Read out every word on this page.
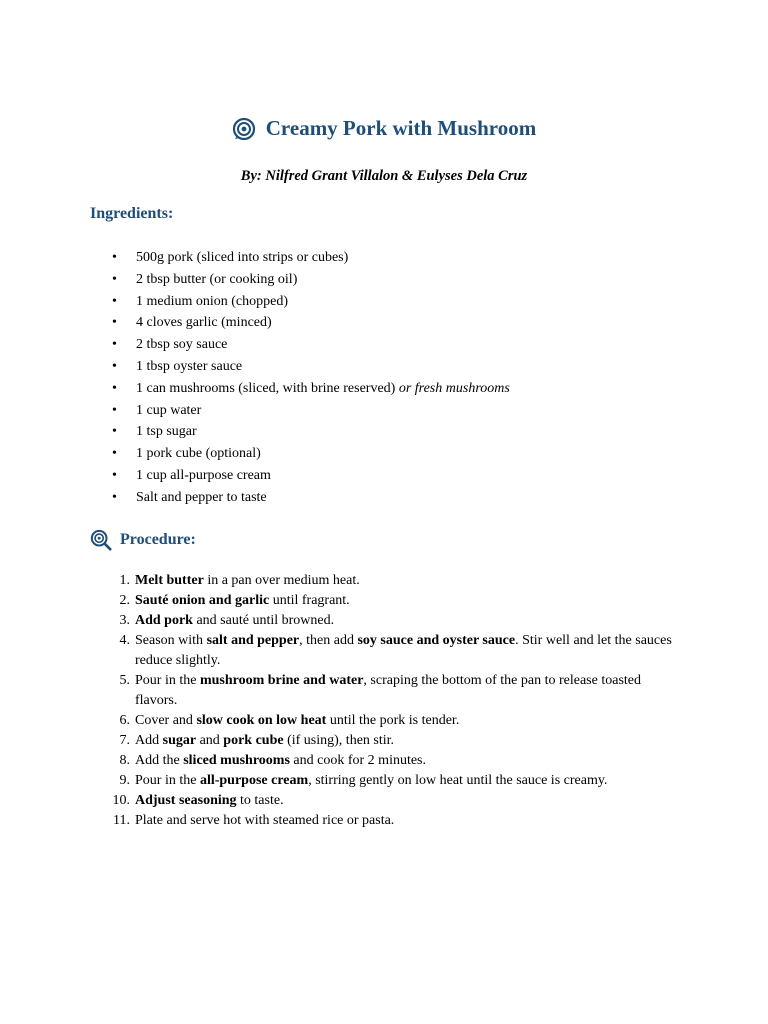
Creamy Pork with Mushroom
By: Nilfred Grant Villalon & Eulyses Dela Cruz
Ingredients:
• 500g pork (sliced into strips or cubes)
• 2 tbsp butter (or cooking oil)
• 1 medium onion (chopped)
• 4 cloves garlic (minced)
• 2 tbsp soy sauce
• 1 tbsp oyster sauce
• 1 can mushrooms (sliced, with brine reserved) or fresh mushrooms
• 1 cup water
• 1 tsp sugar
• 1 pork cube (optional)
• 1 cup all-purpose cream
• Salt and pepper to taste
Procedure:
1. Melt butter in a pan over medium heat.
2. Sauté onion and garlic until fragrant.
3. Add pork and sauté until browned.
4. Season with salt and pepper, then add soy sauce and oyster sauce. Stir well and let the sauces reduce slightly.
5. Pour in the mushroom brine and water, scraping the bottom of the pan to release toasted flavors.
6. Cover and slow cook on low heat until the pork is tender.
7. Add sugar and pork cube (if using), then stir.
8. Add the sliced mushrooms and cook for 2 minutes.
9. Pour in the all-purpose cream, stirring gently on low heat until the sauce is creamy.
10. Adjust seasoning to taste.
11. Plate and serve hot with steamed rice or pasta.
